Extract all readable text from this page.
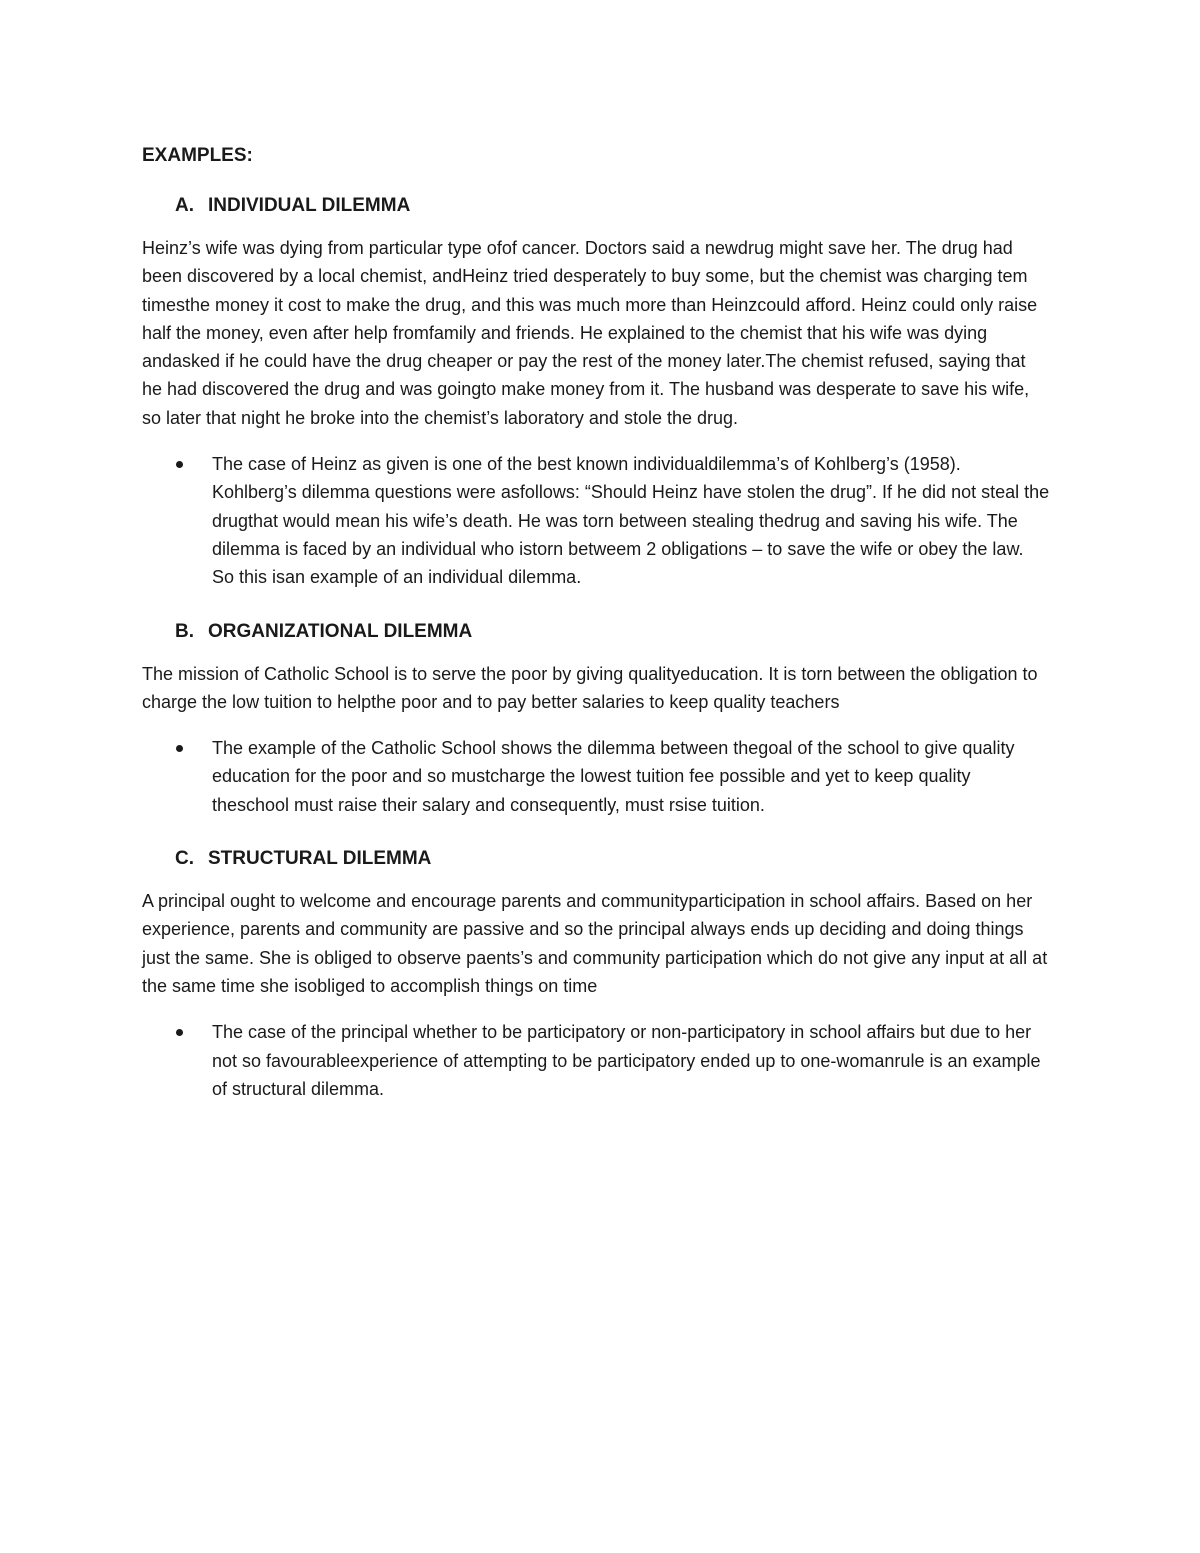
EXAMPLES:
A. INDIVIDUAL DILEMMA

Heinz’s wife was dying from particular type ofof cancer. Doctors said a newdrug might save her. The drug had been discovered by a local chemist, andHeinz tried desperately to buy some, but the chemist was charging tem timesthe money it cost to make the drug, and this was much more than Heinzcould afford. Heinz could only raise half the money, even after help fromfamily and friends. He explained to the chemist that his wife was dying andasked if he could have the drug cheaper or pay the rest of the money later.The chemist refused, saying that he had discovered the drug and was goingto make money from it. The husband was desperate to save his wife, so later that night he broke into the chemist’s laboratory and stole the drug.

The case of Heinz as given is one of the best known individualdilemma’s of Kohlberg’s (1958). Kohlberg’s dilemma questions were asfollows: “Should Heinz have stolen the drug”. If he did not steal the drugthat would mean his wife’s death. He was torn between stealing thedrug and saving his wife. The dilemma is faced by an individual who istorn betweem 2 obligations – to save the wife or obey the law. So this isan example of an individual dilemma.
B. ORGANIZATIONAL DILEMMA

The mission of Catholic School is to serve the poor by giving qualityeducation. It is torn between the obligation to charge the low tuition to helpthe poor and to pay better salaries to keep quality teachers

The example of the Catholic School shows the dilemma between thegoal of the school to give quality education for the poor and so mustcharge the lowest tuition fee possible and yet to keep quality theschool must raise their salary and consequently, must rsise tuition.
C. STRUCTURAL DILEMMA

A principal ought to welcome and encourage parents and communityparticipation in school affairs. Based on her experience, parents and community are passive and so the principal always ends up deciding and doing things just the same. She is obliged to observe paents’s and community participation which do not give any input at all at the same time she isobliged to accomplish things on time

The case of the principal whether to be participatory or non-participatory in school affairs but due to her not so favourableexperience of attempting to be participatory ended up to one-womanrule is an example of structural dilemma.
